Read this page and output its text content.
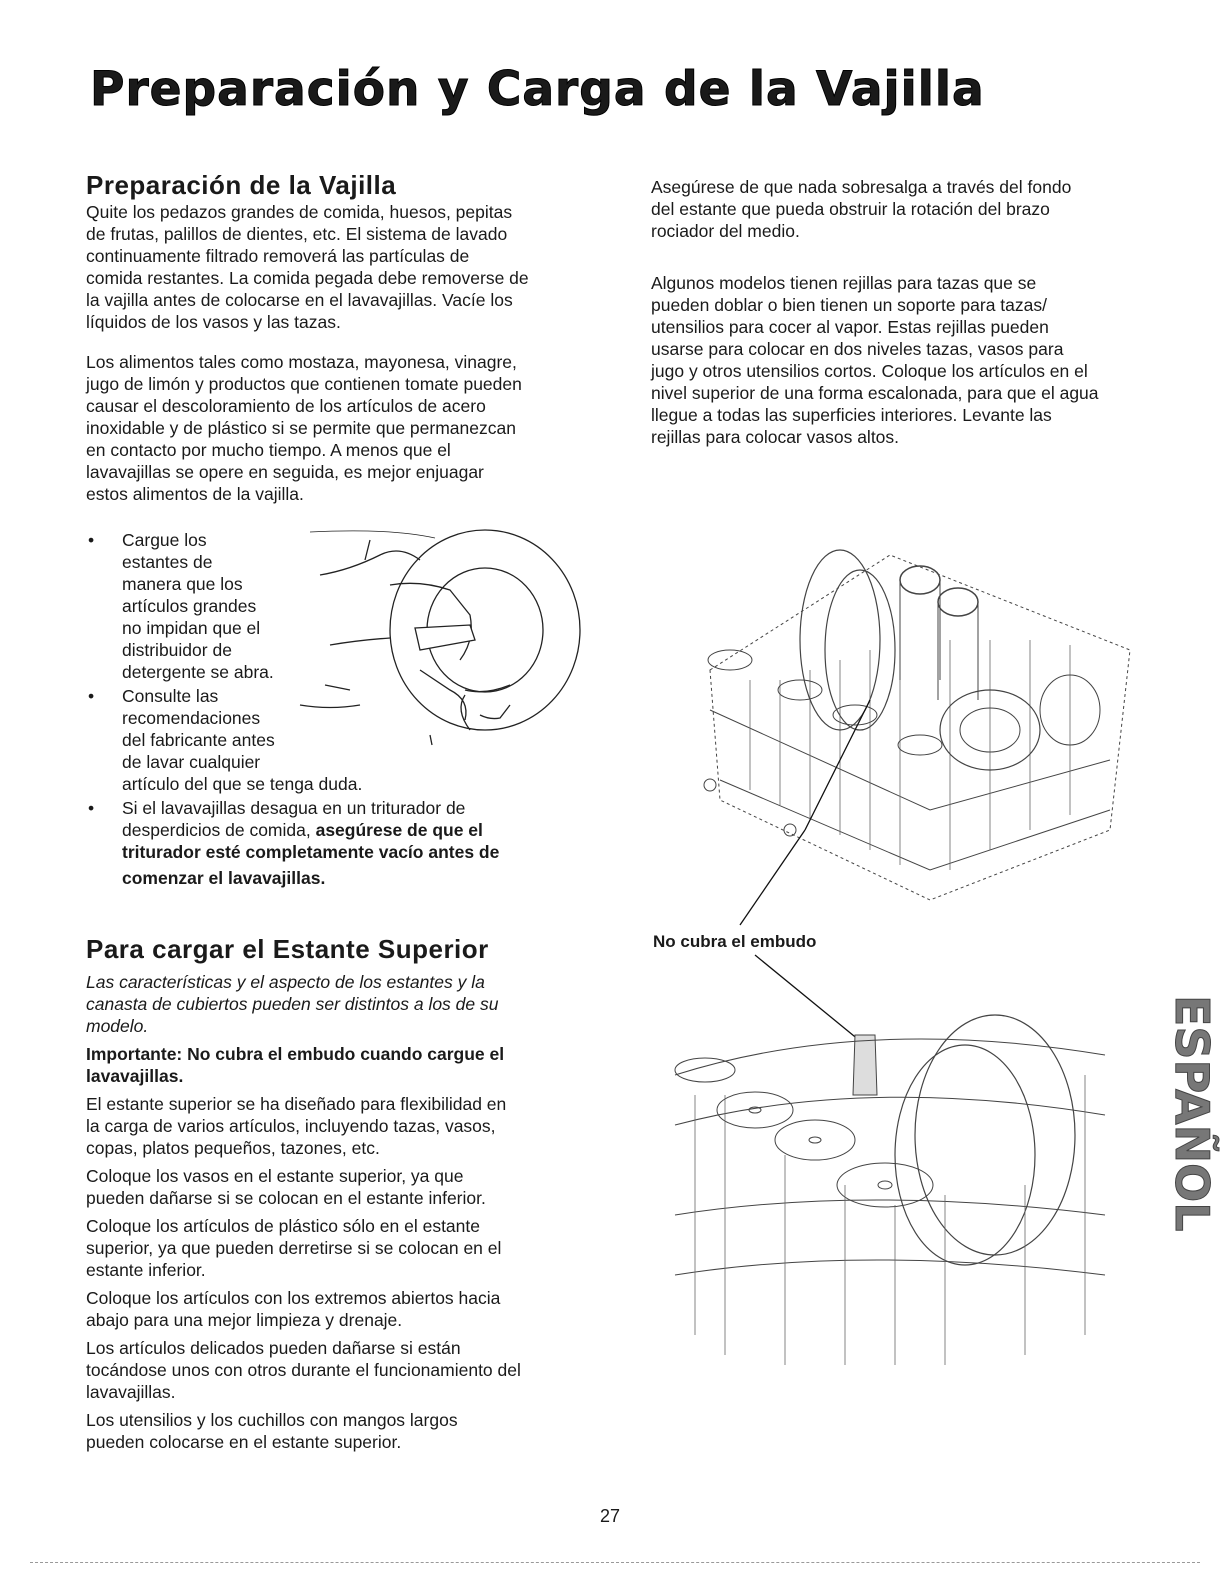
Preparación y Carga de la Vajilla
Preparación de la Vajilla

Quite los pedazos grandes de comida, huesos, pepitas

de frutas, palillos de dientes, etc. El sistema de lavado

continuamente filtrado removerá las partículas de

comida restantes. La comida pegada debe removerse de

la vajilla antes de colocarse en el lavavajillas. Vacíe los

líquidos de los vasos y las tazas.

Los alimentos tales como mostaza, mayonesa, vinagre,

jugo de limón y productos que contienen tomate pueden

causar el descoloramiento de los artículos de acero

inoxidable y de plástico si se permite que permanezcan

en contacto por mucho tiempo. A menos que el

lavavajillas se opere en seguida, es mejor enjuagar

estos alimentos de la vajilla.

• Cargue los

estantes de

manera que los

artículos grandes

no impidan que el

distribuidor de

detergente se abra.

• Consulte las

recomendaciones

del fabricante antes

de lavar cualquier

artículo del que se tenga duda.

• Si el lavavajillas desagua en un triturador de

desperdicios de comida, asegúrese de que el

triturador esté completamente vacío antes de

comenzar el lavavajillas.

Asegúrese de que nada sobresalga a través del fondo

del estante que pueda obstruir la rotación del brazo

rociador del medio.

Algunos modelos tienen rejillas para tazas que se

pueden doblar o bien tienen un soporte para tazas/

utensilios para cocer al vapor. Estas rejillas pueden

usarse para colocar en dos niveles tazas, vasos para

jugo y otros utensilios cortos. Coloque los artículos en el

nivel superior de una forma escalonada, para que el agua

llegue a todas las superficies interiores. Levante las

rejillas para colocar vasos altos.

No cubra el embudo
ESPAÑOL
Para cargar el Estante Superior

Las características y el aspecto de los estantes y la

canasta de cubiertos pueden ser distintos a los de su

modelo.

Importante: No cubra el embudo cuando cargue el

lavavajillas.

El estante superior se ha diseñado para flexibilidad en

la carga de varios artículos, incluyendo tazas, vasos,

copas, platos pequeños, tazones, etc.

Coloque los vasos en el estante superior, ya que

pueden dañarse si se colocan en el estante inferior.

Coloque los artículos de plástico sólo en el estante

superior, ya que pueden derretirse si se colocan en el

estante inferior.

Coloque los artículos con los extremos abiertos hacia

abajo para una mejor limpieza y drenaje.

Los artículos delicados pueden dañarse si están

tocándose unos con otros durante el funcionamiento del

lavavajillas.

Los utensilios y los cuchillos con mangos largos

pueden colocarse en el estante superior.

27
